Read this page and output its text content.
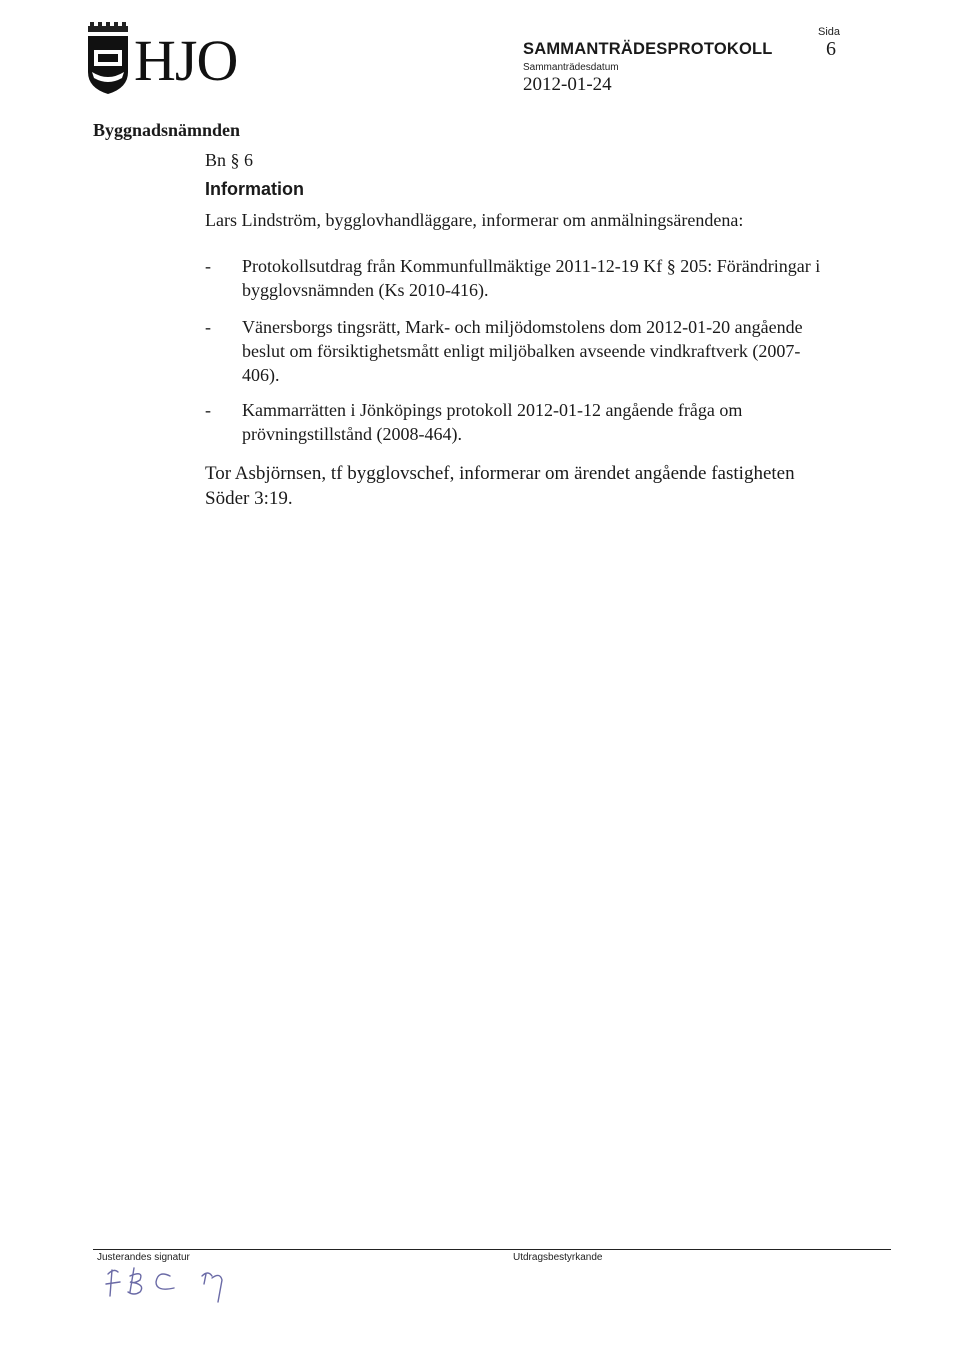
HJO	SAMMANTRÄDESPROTOKOLL
Sammanträdesdatum
2012-01-24
Sida
6
Byggnadsnämnden
Bn § 6
Information
Lars Lindström, bygglovhandläggare, informerar om anmälningsärendena:
-	Protokollsutdrag från Kommunfullmäktige 2011-12-19 Kf § 205: Förändringar i

bygglovsnämnden (Ks 2010-416).

-	Vänersborgs tingsrätt, Mark- och miljödomstolens dom 2012-01-20 angående

beslut om försiktighetsmått enligt miljöbalken avseende vindkraftverk (2007-

406).

-	Kammarrätten i Jönköpings protokoll 2012-01-12 angående fråga om

prövningstillstånd (2008-464).

Tor Asbjörnsen, tf bygglovschef, informerar om ärendet angående fastigheten

Söder 3:19.

Justerandes signatur	Utdragsbestyrkande
